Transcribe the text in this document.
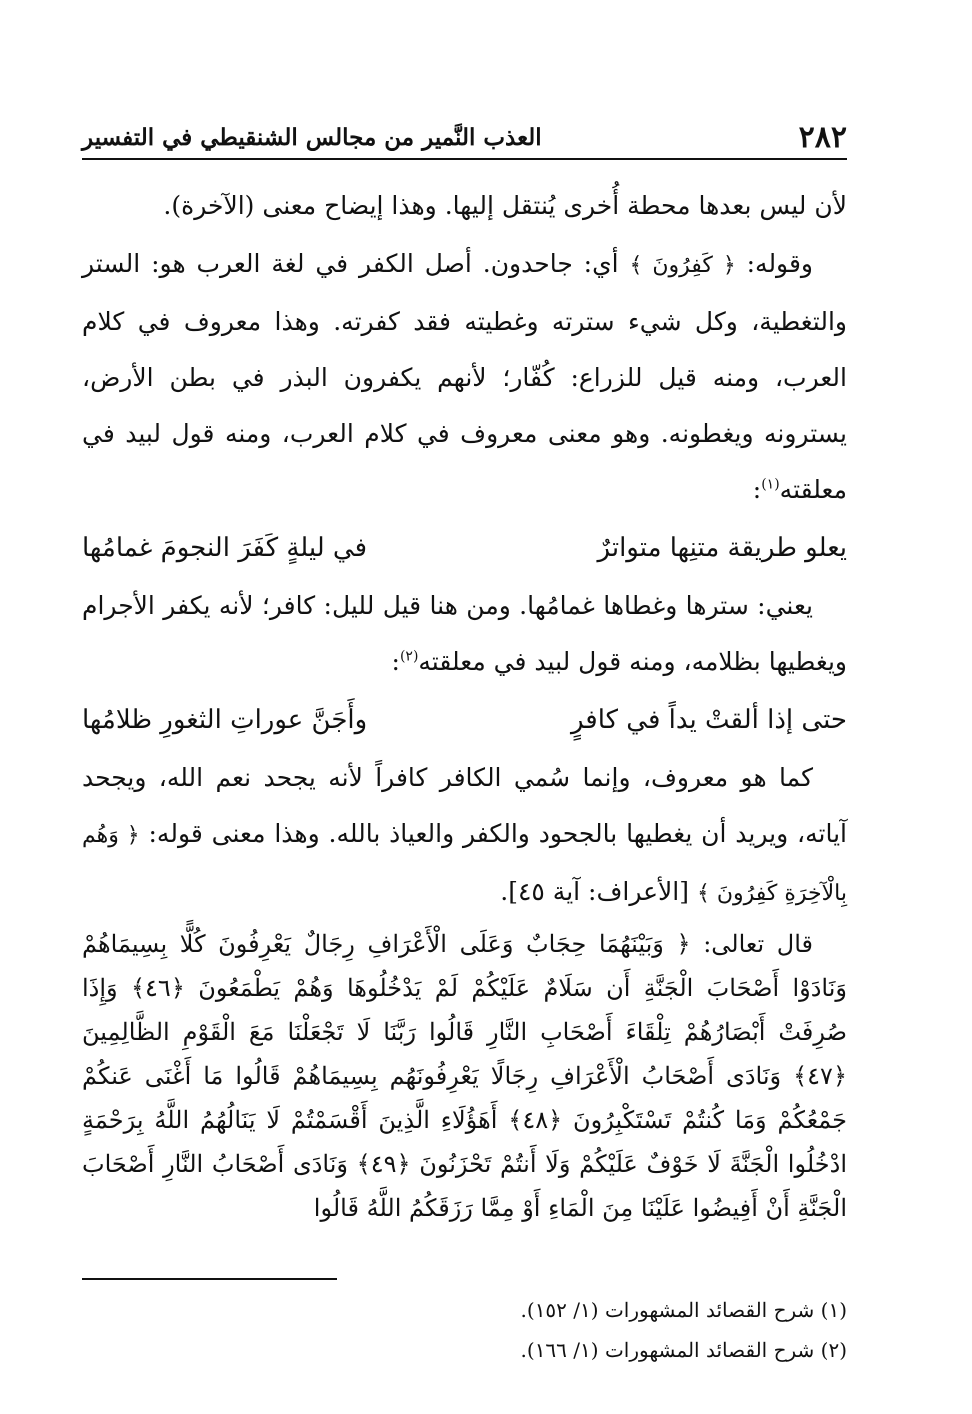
٢٨٢
العذب النَّمير من مجالس الشنقيطي في التفسير

لأن ليس بعدها محطة أُخرى يُنتقل إليها. وهذا إيضاح معنى (الآخرة).

وقوله: ﴿ كَفِرُونَ ﴾ أي: جاحدون. أصل الكفر في لغة العرب هو: الستر والتغطية، وكل شيء سترته وغطيته فقد كفرته. وهذا معروف في كلام العرب، ومنه قيل للزراع: كُفّار؛ لأنهم يكفرون البذر في بطن الأرض، يسترونه ويغطونه. وهو معنى معروف في كلام العرب، ومنه قول لبيد في معلقته$^{(١)}$:

يعلو طريقة متنِها متواترٌ
في ليلةٍ كَفَرَ النجومَ غمامُها

يعني: سترها وغطاها غمامُها. ومن هنا قيل لليل: كافر؛ لأنه يكفر الأجرام ويغطيها بظلامه، ومنه قول لبيد في معلقته$^{(٢)}$:

حتى إذا ألقتْ يداً في كافرٍ
وأَجَنَّ عوراتِ الثغورِ ظلامُها

كما هو معروف، وإنما سُمي الكافر كافراً لأنه يجحد نعم الله، ويجحد آياته، ويريد أن يغطيها بالجحود والكفر والعياذ بالله. وهذا معنى قوله: ﴿ وَهُم بِالْآخِرَةِ كَفِرُونَ ﴾ [الأعراف: آية ٤٥].

قال تعالى: ﴿ وَبَيْنَهُمَا حِجَابٌ وَعَلَى الْأَعْرَافِ رِجَالٌ يَعْرِفُونَ كُلًّا بِسِيمَاهُمْ وَنَادَوْا أَصْحَابَ الْجَنَّةِ أَن سَلَامٌ عَلَيْكُمْ لَمْ يَدْخُلُوهَا وَهُمْ يَطْمَعُونَ ﴿٤٦﴾ وَإِذَا صُرِفَتْ أَبْصَارُهُمْ تِلْقَاءَ أَصْحَابِ النَّارِ قَالُوا رَبَّنَا لَا تَجْعَلْنَا مَعَ الْقَوْمِ الظَّالِمِينَ ﴿٤٧﴾ وَنَادَى أَصْحَابُ الْأَعْرَافِ رِجَالًا يَعْرِفُونَهُم بِسِيمَاهُمْ قَالُوا مَا أَغْنَى عَنكُمْ جَمْعُكُمْ وَمَا كُنتُمْ تَسْتَكْبِرُونَ ﴿٤٨﴾ أَهَؤُلَاءِ الَّذِينَ أَقْسَمْتُمْ لَا يَنَالُهُمُ اللَّهُ بِرَحْمَةٍ ادْخُلُوا الْجَنَّةَ لَا خَوْفٌ عَلَيْكُمْ وَلَا أَنتُمْ تَحْزَنُونَ ﴿٤٩﴾ وَنَادَى أَصْحَابُ النَّارِ أَصْحَابَ الْجَنَّةِ أَنْ أَفِيضُوا عَلَيْنَا مِنَ الْمَاءِ أَوْ مِمَّا رَزَقَكُمُ اللَّهُ قَالُوا

(١) شرح القصائد المشهورات (١/ ١٥٢).
(٢) شرح القصائد المشهورات (١/ ١٦٦).
